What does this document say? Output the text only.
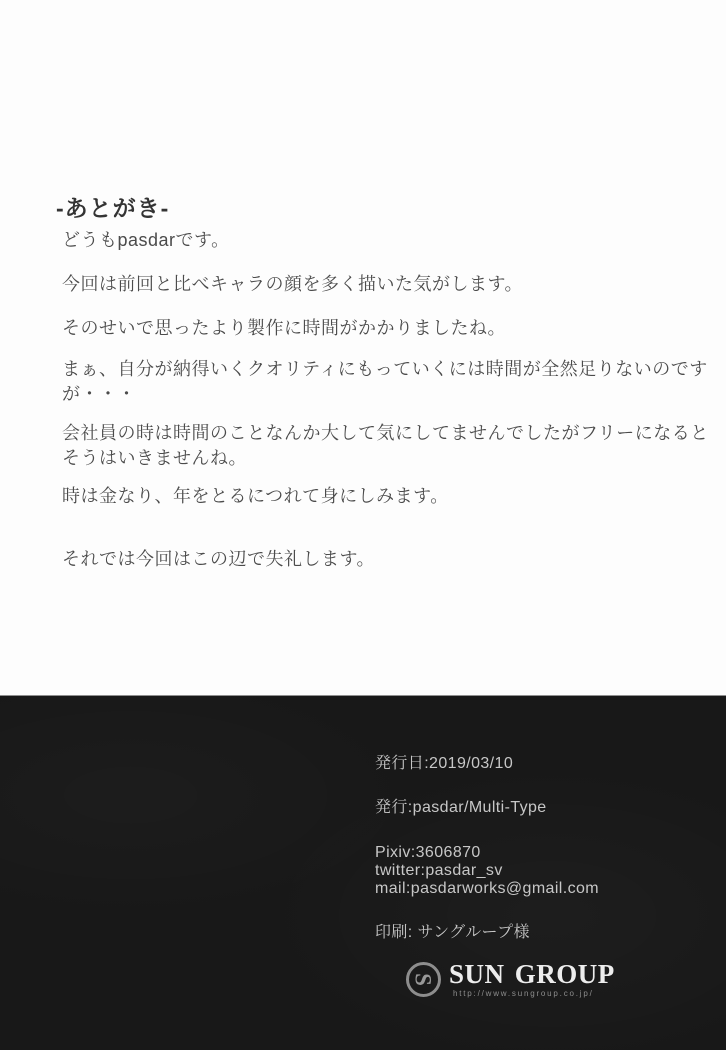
-あとがき-

どうもpasdarです。

今回は前回と比べキャラの顔を多く描いた気がします。

そのせいで思ったより製作に時間がかかりましたね。

まぁ、自分が納得いくクオリティにもっていくには時間が全然足りないのですが・・・

会社員の時は時間のことなんか大して気にしてませんでしたがフリーになるとそうはいきませんね。

時は金なり、年をとるにつれて身にしみます。

それでは今回はこの辺で失礼します。

発行日:2019/03/10
発行:pasdar/Multi-Type
Pixiv:3606870
twitter:pasdar_sv
mail:pasdarworks@gmail.com
印刷: サングループ様
S SUN GROUP
http://www.sungroup.co.jp/
